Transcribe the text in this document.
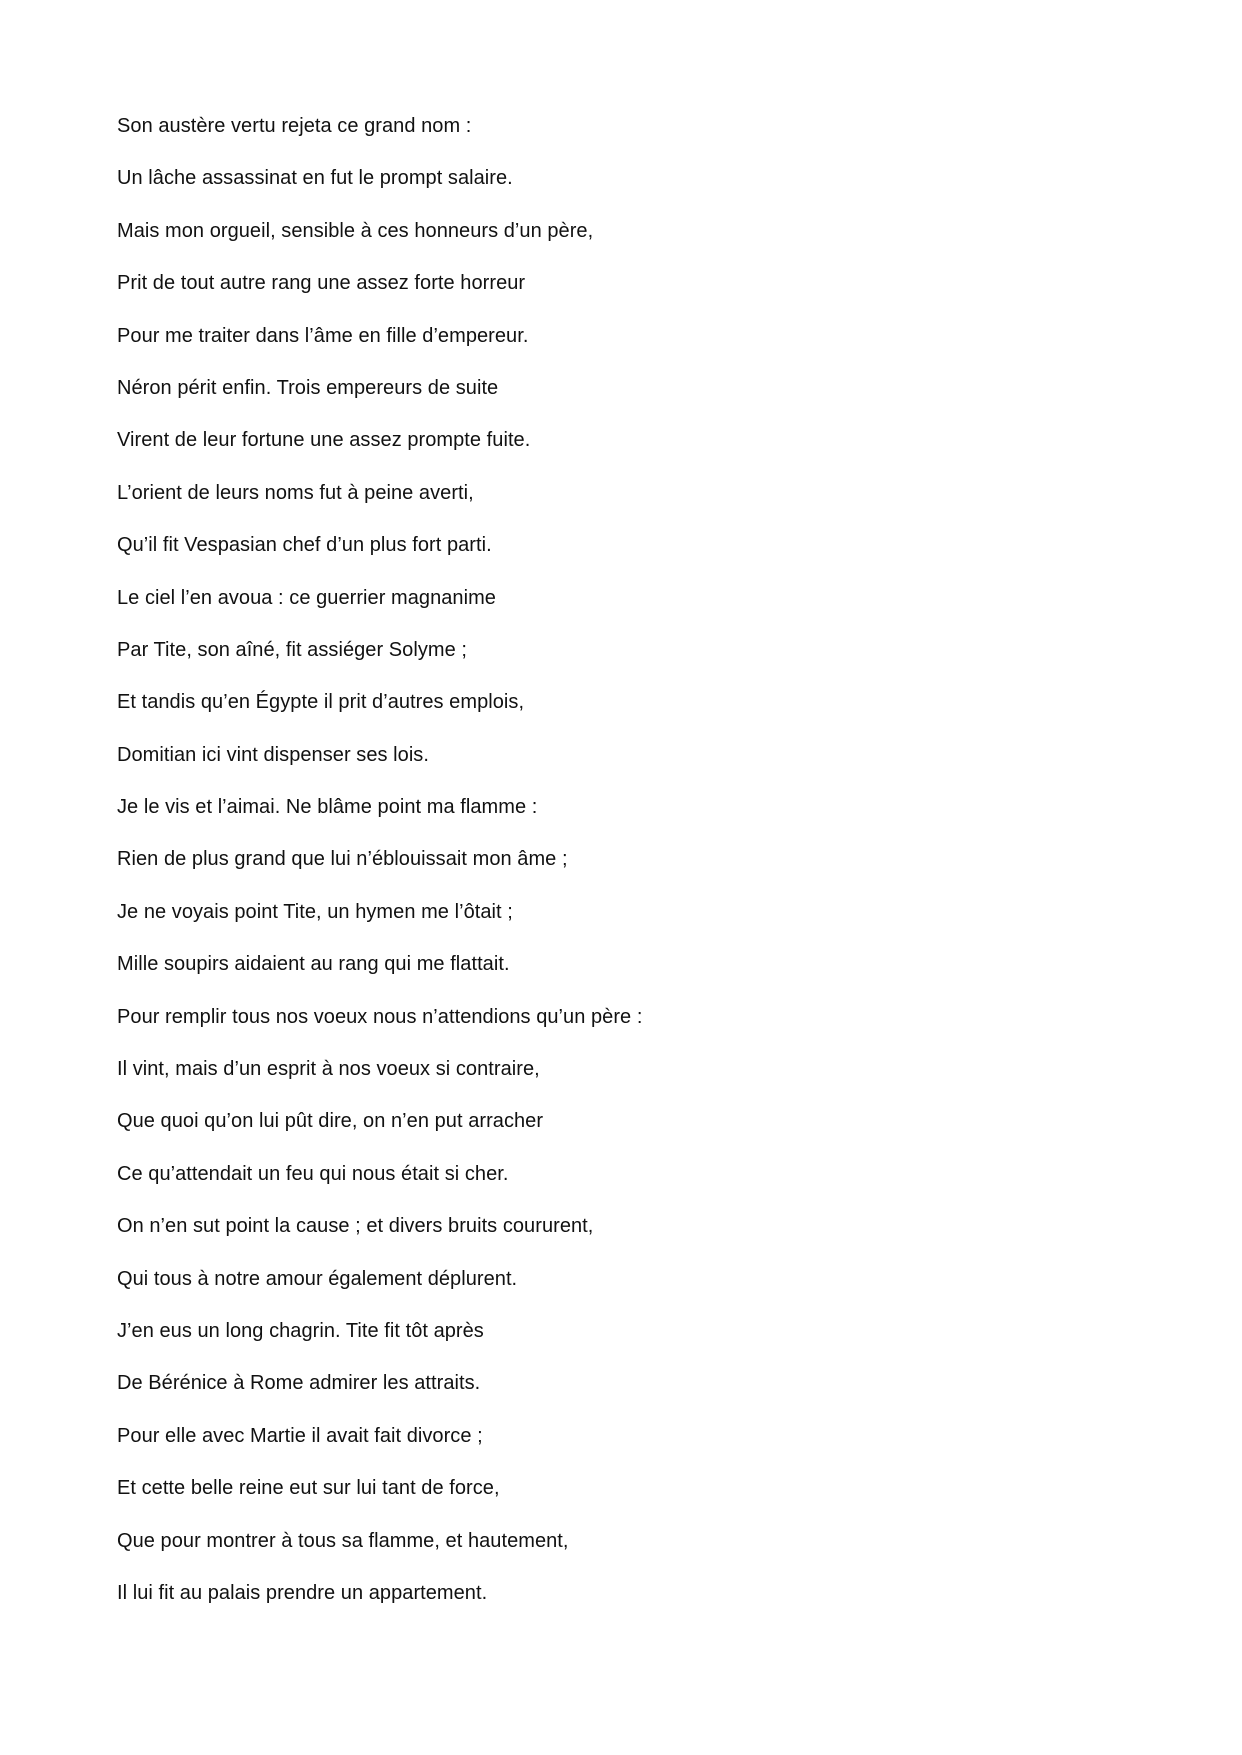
Son austère vertu rejeta ce grand nom :
Un lâche assassinat en fut le prompt salaire.
Mais mon orgueil, sensible à ces honneurs d’un père,
Prit de tout autre rang une assez forte horreur
Pour me traiter dans l’âme en fille d’empereur.
Néron périt enfin. Trois empereurs de suite
Virent de leur fortune une assez prompte fuite.
L’orient de leurs noms fut à peine averti,
Qu’il fit Vespasian chef d’un plus fort parti.
Le ciel l’en avoua : ce guerrier magnanime
Par Tite, son aîné, fit assiéger Solyme ;
Et tandis qu’en Égypte il prit d’autres emplois,
Domitian ici vint dispenser ses lois.
Je le vis et l’aimai. Ne blâme point ma flamme :
Rien de plus grand que lui n’éblouissait mon âme ;
Je ne voyais point Tite, un hymen me l’ôtait ;
Mille soupirs aidaient au rang qui me flattait.
Pour remplir tous nos voeux nous n’attendions qu’un père :
Il vint, mais d’un esprit à nos voeux si contraire,
Que quoi qu’on lui pût dire, on n’en put arracher
Ce qu’attendait un feu qui nous était si cher.
On n’en sut point la cause ; et divers bruits coururent,
Qui tous à notre amour également déplurent.
J’en eus un long chagrin. Tite fit tôt après
De Bérénice à Rome admirer les attraits.
Pour elle avec Martie il avait fait divorce ;
Et cette belle reine eut sur lui tant de force,
Que pour montrer à tous sa flamme, et hautement,
Il lui fit au palais prendre un appartement.
